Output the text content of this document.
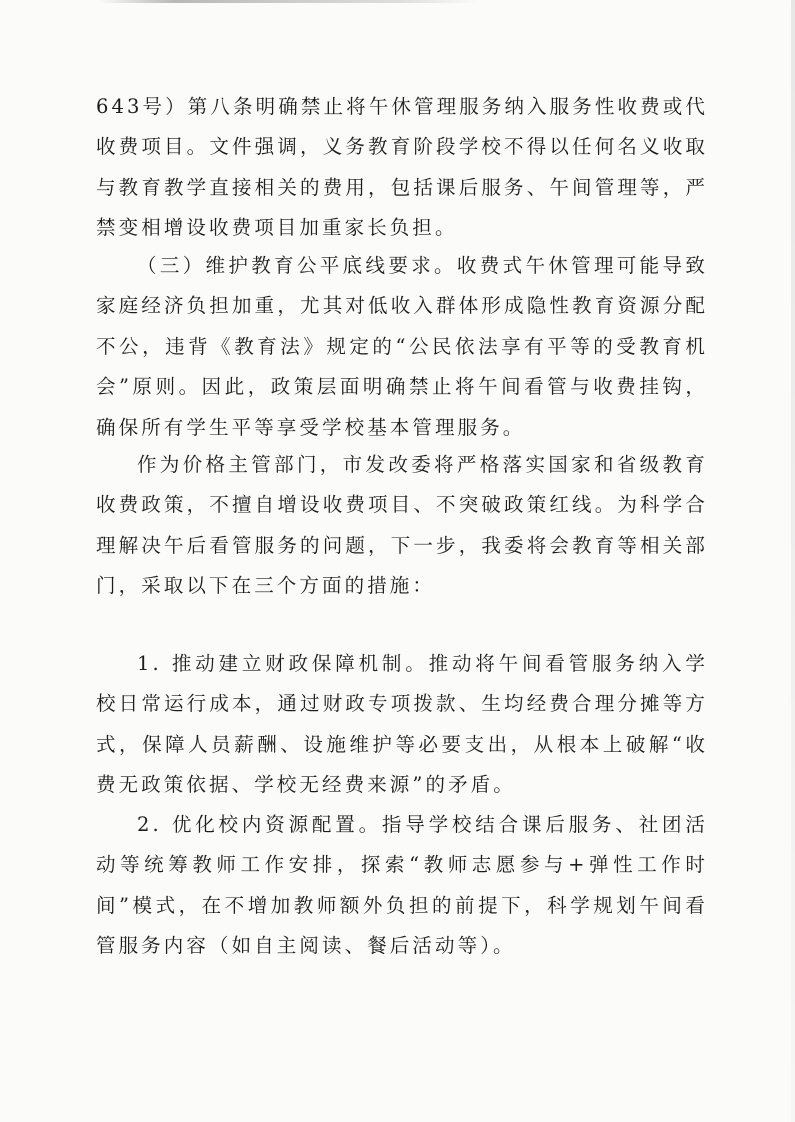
643号）第八条明确禁止将午休管理服务纳入服务性收费或代收费项目。文件强调，义务教育阶段学校不得以任何名义收取与教育教学直接相关的费用，包括课后服务、午间管理等，严禁变相增设收费项目加重家长负担。

（三）维护教育公平底线要求。收费式午休管理可能导致家庭经济负担加重，尤其对低收入群体形成隐性教育资源分配不公，违背《教育法》规定的“公民依法享有平等的受教育机会”原则。因此，政策层面明确禁止将午间看管与收费挂钩，确保所有学生平等享受学校基本管理服务。

作为价格主管部门，市发改委将严格落实国家和省级教育收费政策，不擅自增设收费项目、不突破政策红线。为科学合理解决午后看管服务的问题，下一步，我委将会教育等相关部门，采取以下在三个方面的措施：

1. 推动建立财政保障机制。推动将午间看管服务纳入学校日常运行成本，通过财政专项拨款、生均经费合理分摊等方式，保障人员薪酬、设施维护等必要支出，从根本上破解“收费无政策依据、学校无经费来源”的矛盾。

2. 优化校内资源配置。指导学校结合课后服务、社团活动等统筹教师工作安排，探索“教师志愿参与+弹性工作时间”模式，在不增加教师额外负担的前提下，科学规划午间看管服务内容（如自主阅读、餐后活动等）。
